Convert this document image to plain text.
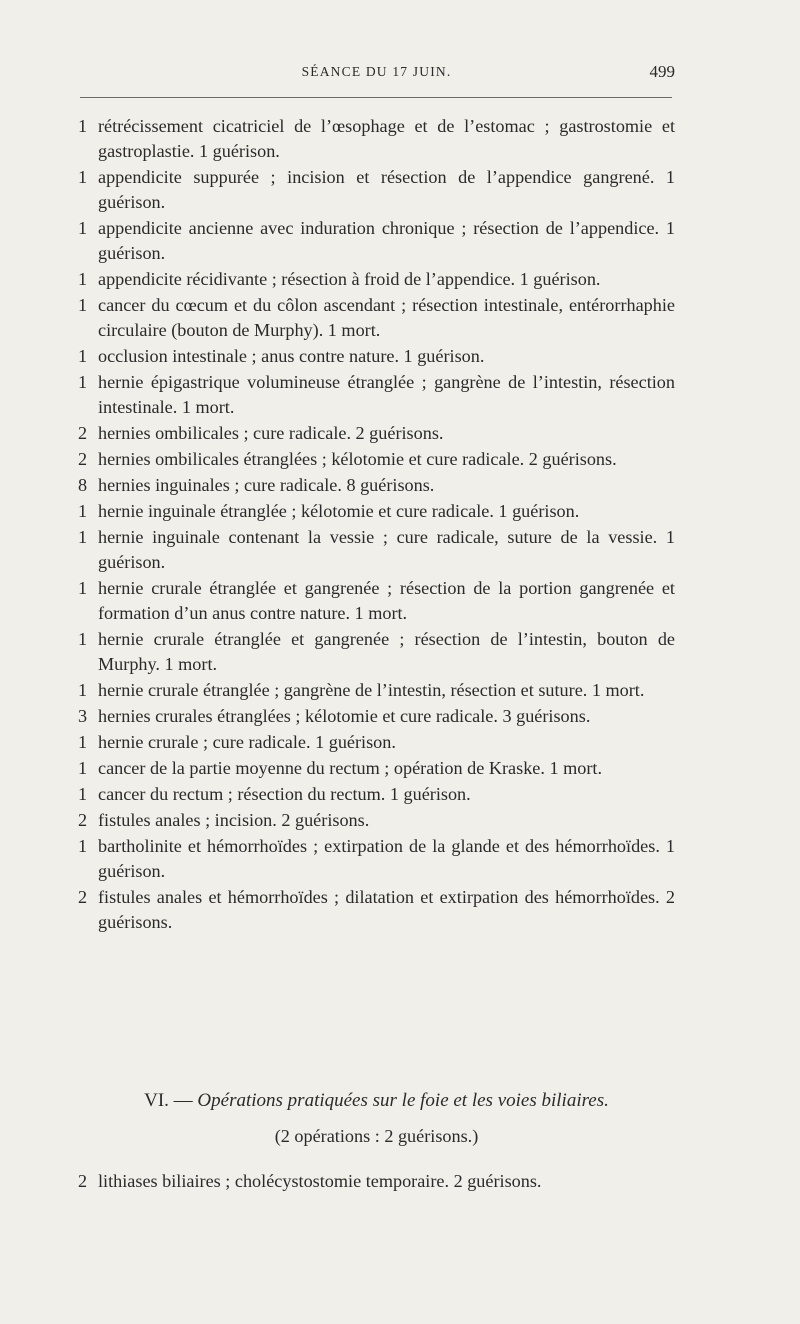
SÉANCE DU 17 JUIN.	499
1 rétrécissement cicatriciel de l’œsophage et de l’estomac ; gastrostomie et gastroplastie. 1 guérison.
1 appendicite suppurée ; incision et résection de l’appendice gangrené. 1 guérison.
1 appendicite ancienne avec induration chronique ; résection de l’appendice. 1 guérison.
1 appendicite récidivante ; résection à froid de l’appendice. 1 guérison.
1 cancer du cœcum et du côlon ascendant ; résection intestinale, entérorrhaphie circulaire (bouton de Murphy). 1 mort.
1 occlusion intestinale ; anus contre nature. 1 guérison.
1 hernie épigastrique volumineuse étranglée ; gangrène de l’intestin, résection intestinale. 1 mort.
2 hernies ombilicales ; cure radicale. 2 guérisons.
2 hernies ombilicales étranglées ; kélotomie et cure radicale. 2 guérisons.
8 hernies inguinales ; cure radicale. 8 guérisons.
1 hernie inguinale étranglée ; kélotomie et cure radicale. 1 guérison.
1 hernie inguinale contenant la vessie ; cure radicale, suture de la vessie. 1 guérison.
1 hernie crurale étranglée et gangrenée ; résection de la portion gangrenée et formation d’un anus contre nature. 1 mort.
1 hernie crurale étranglée et gangrenée ; résection de l’intestin, bouton de Murphy. 1 mort.
1 hernie crurale étranglée ; gangrène de l’intestin, résection et suture. 1 mort.
3 hernies crurales étranglées ; kélotomie et cure radicale. 3 guérisons.
1 hernie crurale ; cure radicale. 1 guérison.
1 cancer de la partie moyenne du rectum ; opération de Kraske. 1 mort.
1 cancer du rectum ; résection du rectum. 1 guérison.
2 fistules anales ; incision. 2 guérisons.
1 bartholinite et hémorrhoïdes ; extirpation de la glande et des hémorrhoïdes. 1 guérison.
2 fistules anales et hémorrhoïdes ; dilatation et extirpation des hémorrhoïdes. 2 guérisons.
VI. — Opérations pratiquées sur le foie et les voies biliaires.
(2 opérations : 2 guérisons.)
2 lithiases biliaires ; cholécystostomie temporaire. 2 guérisons.
